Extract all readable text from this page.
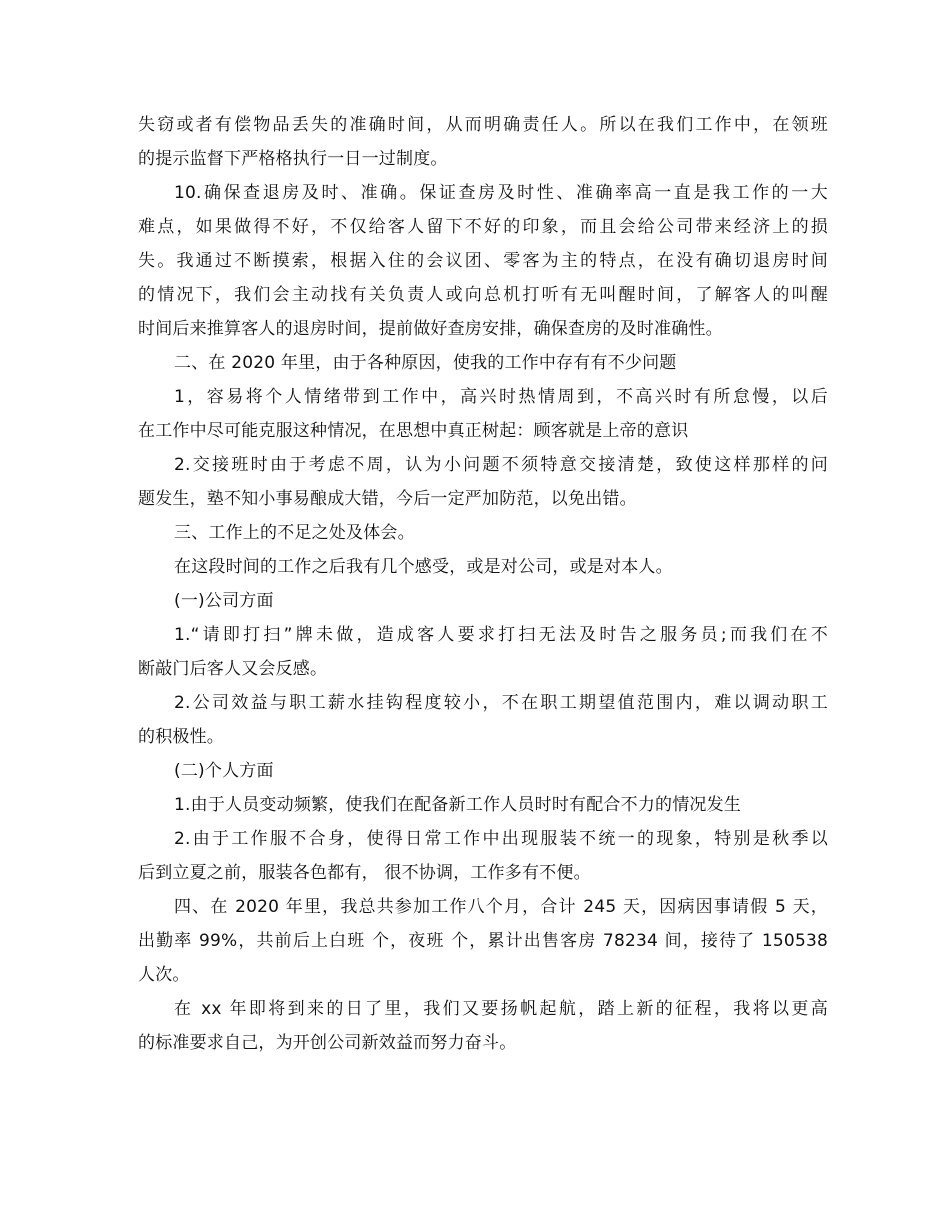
失窃或者有偿物品丢失的准确时间，从而明确责任人。所以在我们工作中，在领班
的提示监督下严格格执行一日一过制度。
10.确保查退房及时、准确。保证查房及时性、准确率高一直是我工作的一大
难点，如果做得不好，不仅给客人留下不好的印象，而且会给公司带来经济上的损
失。我通过不断摸索，根据入住的会议团、零客为主的特点，在没有确切退房时间
的情况下，我们会主动找有关负责人或向总机打听有无叫醒时间，了解客人的叫醒
时间后来推算客人的退房时间，提前做好查房安排，确保查房的及时准确性。
二、在 2020 年里，由于各种原因，使我的工作中存有有不少问题
1，容易将个人情绪带到工作中，高兴时热情周到，不高兴时有所怠慢，以后
在工作中尽可能克服这种情况，在思想中真正树起：顾客就是上帝的意识
2.交接班时由于考虑不周，认为小问题不须特意交接清楚，致使这样那样的问
题发生，塾不知小事易酿成大错，今后一定严加防范，以免出错。
三、工作上的不足之处及体会。
在这段时间的工作之后我有几个感受，或是对公司，或是对本人。
(一)公司方面
1.“请即打扫”牌未做，造成客人要求打扫无法及时告之服务员;而我们在不
断敲门后客人又会反感。
2.公司效益与职工薪水挂钩程度较小，不在职工期望值范围内，难以调动职工
的积极性。
(二)个人方面
1.由于人员变动频繁，使我们在配备新工作人员时时有配合不力的情况发生
2.由于工作服不合身，使得日常工作中出现服装不统一的现象，特别是秋季以
后到立夏之前，服装各色都有， 很不协调，工作多有不便。
四、在 2020 年里，我总共参加工作八个月，合计 245 天，因病因事请假 5 天，
出勤率 99%，共前后上白班 个，夜班 个，累计出售客房 78234 间，接待了 150538
人次。
在 xx 年即将到来的日了里，我们又要扬帆起航，踏上新的征程，我将以更高
的标准要求自己，为开创公司新效益而努力奋斗。
